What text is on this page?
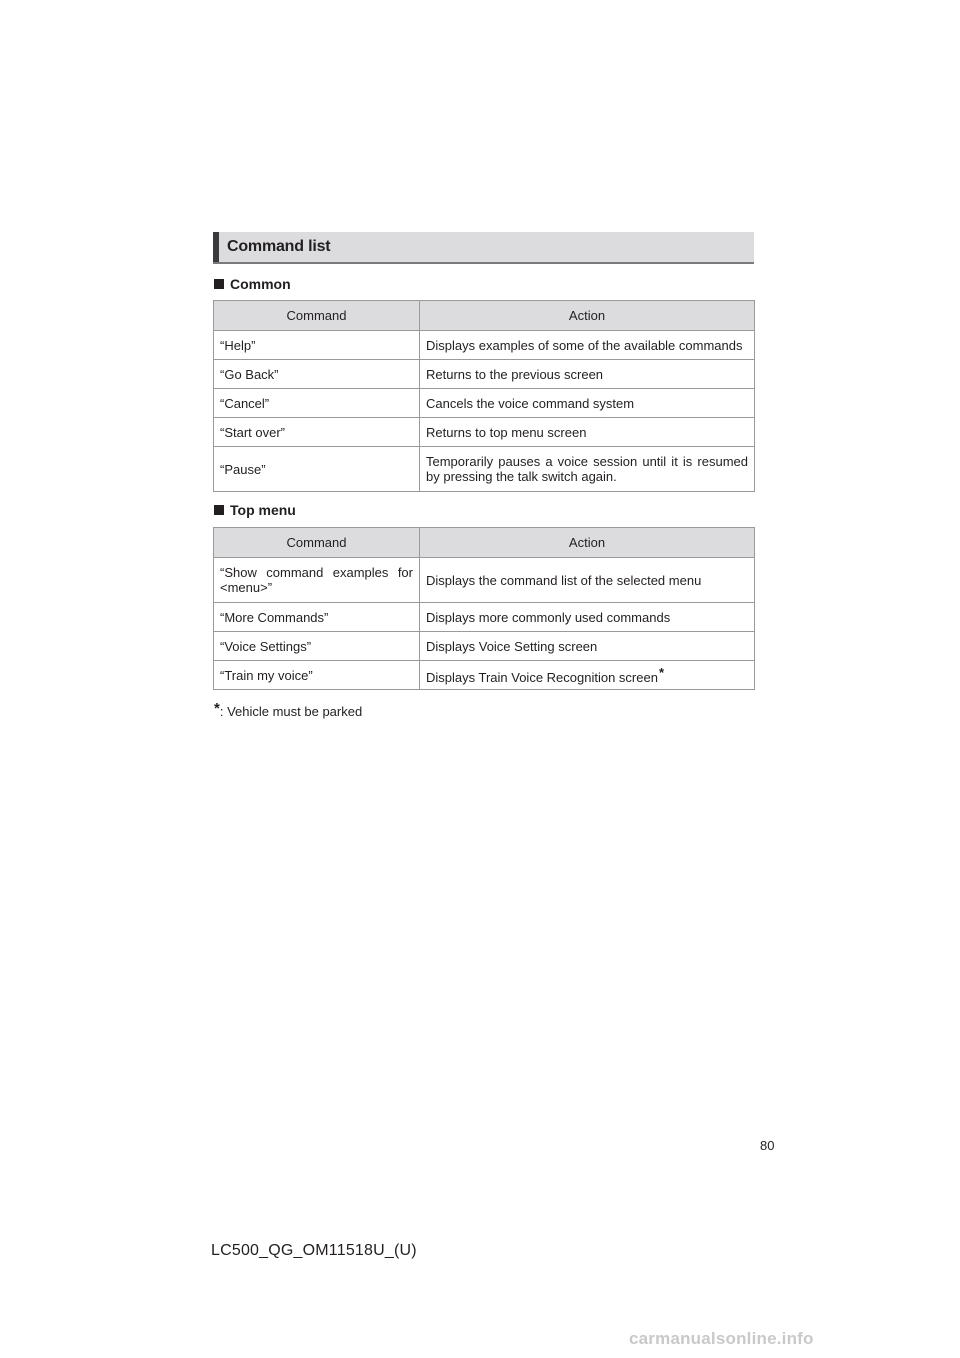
Command list
Common
Command	Action
“Help”	Displays examples of some of the available commands
“Go Back”	Returns to the previous screen
“Cancel”	Cancels the voice command system
“Start over”	Returns to top menu screen
“Pause”	Temporarily pauses a voice session until it is resumed by pressing the talk switch again.
Top menu
Command	Action
“Show command examples for <menu>”	Displays the command list of the selected menu
“More Commands”	Displays more commonly used commands
“Voice Settings”	Displays Voice Setting screen
“Train my voice”	Displays Train Voice Recognition screen*
*: Vehicle must be parked
80
LC500_QG_OM11518U_(U)
carmanualsonline.info
